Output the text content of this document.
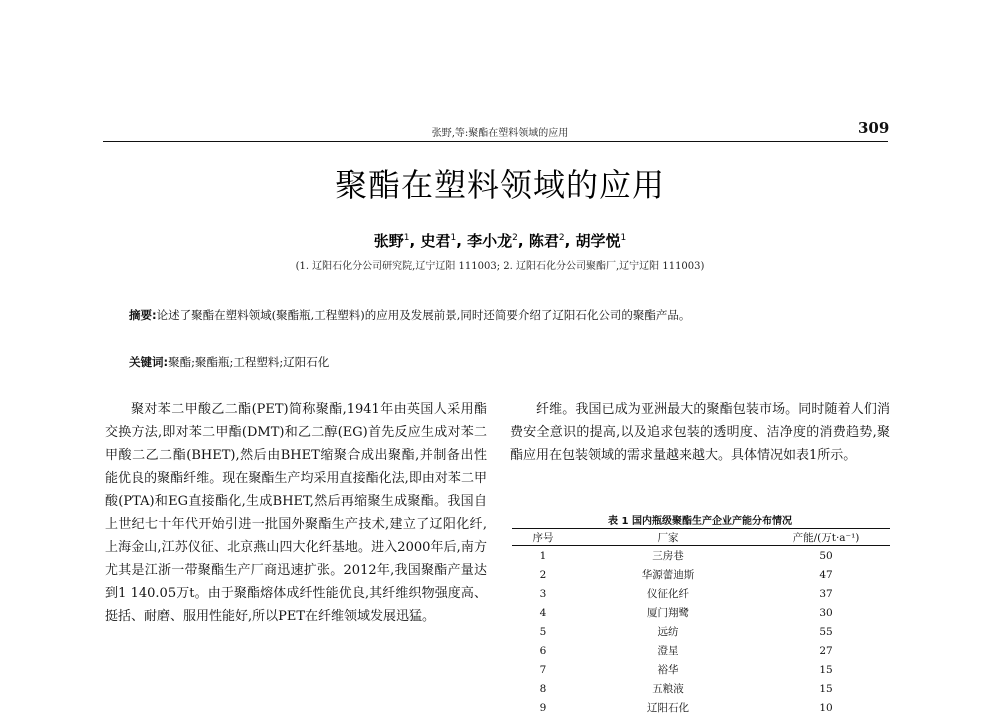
张野,等:聚酯在塑料领域的应用	309
聚酯在塑料领域的应用
张野$^1$, 史君$^1$, 李小龙$^2$, 陈君$^2$, 胡学悦$^1$
(1. 辽阳石化分公司研究院,辽宁辽阳 111003; 2. 辽阳石化分公司聚酯厂,辽宁辽阳 111003)
摘要:论述了聚酯在塑料领域(聚酯瓶,工程塑料)的应用及发展前景,同时还简要介绍了辽阳石化公司的聚酯产品。
关键词:聚酯;聚酯瓶;工程塑料;辽阳石化
聚对苯二甲酸乙二酯(PET)简称聚酯,1941年由英国人采用酯交换方法,即对苯二甲酯(DMT)和乙二醇(EG)首先反应生成对苯二甲酸二乙二酯(BHET),然后由BHET缩聚合成出聚酯,并制备出性能优良的聚酯纤维。现在聚酯生产均采用直接酯化法,即由对苯二甲酸(PTA)和EG直接酯化,生成BHET,然后再缩聚生成聚酯。我国自上世纪七十年代开始引进一批国外聚酯生产技术,建立了辽阳化纤,上海金山,江苏仪征、北京燕山四大化纤基地。进入2000年后,南方尤其是江浙一带聚酯生产厂商迅速扩张。2012年,我国聚酯产量达到1 140.05万t。由于聚酯熔体成纤性能优良,其纤维织物强度高、挺括、耐磨、服用性能好,所以PET在纤维领域发展迅猛。
纤维。我国已成为亚洲最大的聚酯包装市场。同时随着人们消费安全意识的提高,以及追求包装的透明度、洁净度的消费趋势,聚酯应用在包装领域的需求量越来越大。具体情况如表1所示。
表 1 国内瓶级聚酯生产企业产能分布情况
序号	厂家	产能/(万t·a⁻¹)
1	三房巷	50
2	华源蕾迪斯	47
3	仪征化纤	37
4	厦门翔鹭	30
5	远纺	55
6	澄星	27
7	裕华	15
8	五粮液	15
9	辽阳石化	10
